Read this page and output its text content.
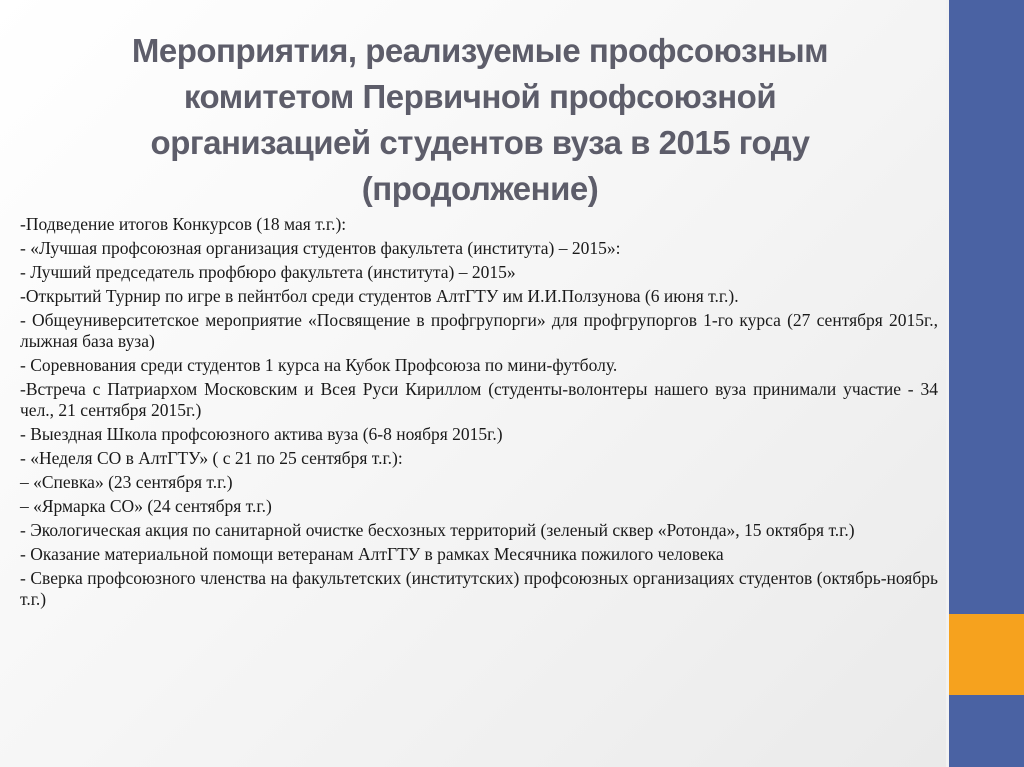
Мероприятия, реализуемые профсоюзным комитетом Первичной профсоюзной организацией студентов вуза в 2015 году (продолжение)
-Подведение итогов Конкурсов (18 мая т.г.):
- «Лучшая профсоюзная организация студентов факультета (института) – 2015»:
- Лучший председатель профбюро факультета (института) – 2015»
-Открытий Турнир по игре в пейнтбол среди студентов АлтГТУ им И.И.Ползунова (6 июня т.г.).
- Общеуниверситетское мероприятие «Посвящение в профгрупорги» для профгрупоргов 1-го курса (27 сентября 2015г., лыжная база вуза)
- Соревнования среди студентов 1 курса на Кубок Профсоюза по мини-футболу.
-Встреча с Патриархом Московским и Всея Руси Кириллом (студенты-волонтеры нашего вуза принимали участие - 34 чел., 21 сентября 2015г.)
- Выездная Школа профсоюзного актива вуза (6-8 ноября 2015г.)
- «Неделя СО в АлтГТУ» ( с 21 по 25 сентября т.г.):
– «Спевка» (23 сентября т.г.)
– «Ярмарка СО» (24 сентября т.г.)
- Экологическая акция по санитарной очистке бесхозных территорий (зеленый сквер «Ротонда», 15 октября т.г.)
- Оказание материальной помощи ветеранам АлтГТУ в рамках Месячника пожилого человека
- Сверка профсоюзного членства на факультетских (институтских) профсоюзных организациях студентов (октябрь-ноябрь т.г.)
